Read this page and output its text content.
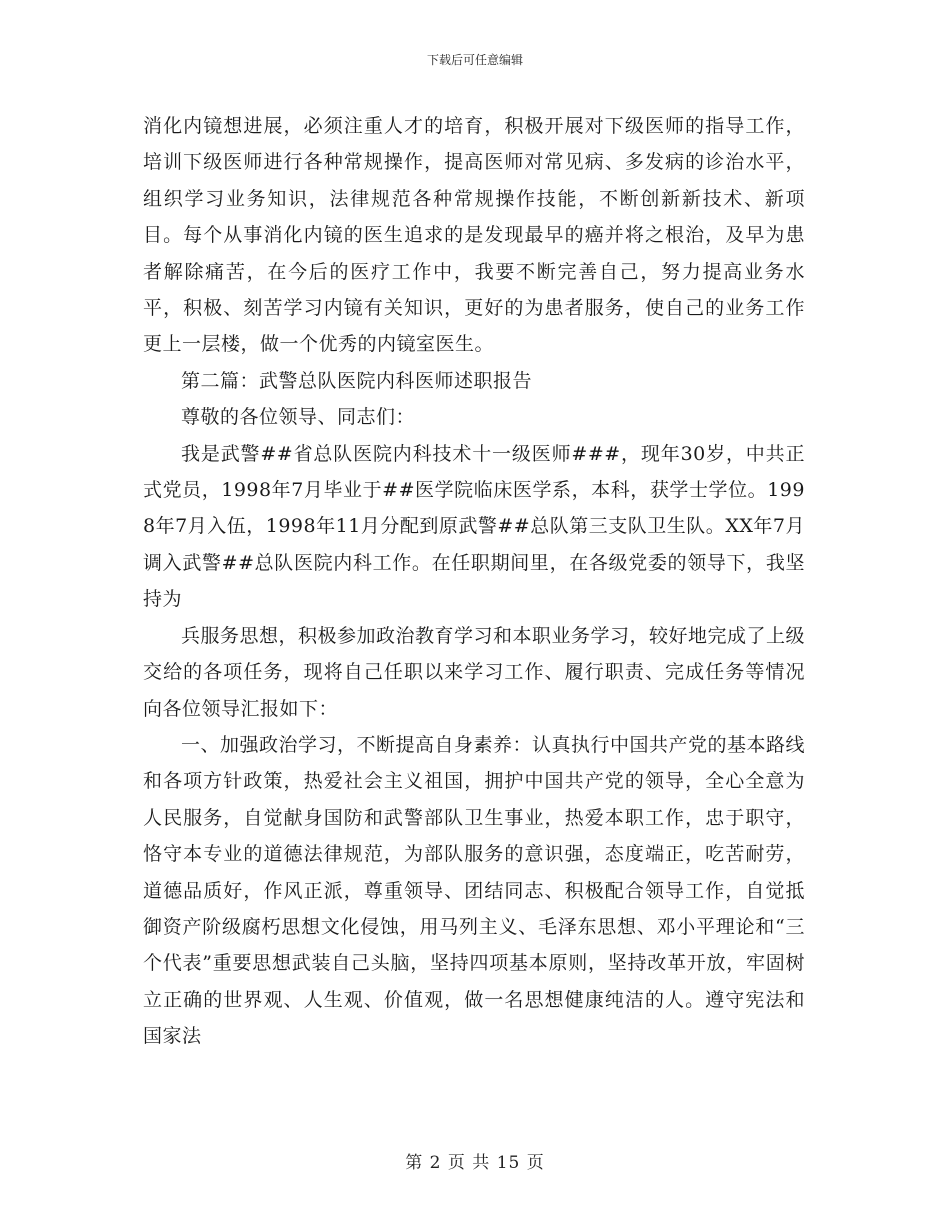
下载后可任意编辑

消化内镜想进展，必须注重人才的培育，积极开展对下级医师的指导工作，培训下级医师进行各种常规操作，提高医师对常见病、多发病的诊治水平，组织学习业务知识，法律规范各种常规操作技能，不断创新新技术、新项目。每个从事消化内镜的医生追求的是发现最早的癌并将之根治，及早为患者解除痛苦，在今后的医疗工作中，我要不断完善自己，努力提高业务水平，积极、刻苦学习内镜有关知识，更好的为患者服务，使自己的业务工作更上一层楼，做一个优秀的内镜室医生。

第二篇：武警总队医院内科医师述职报告

尊敬的各位领导、同志们：

我是武警##省总队医院内科技术十一级医师###，现年30岁，中共正式党员，1998年7月毕业于##医学院临床医学系，本科，获学士学位。1998年7月入伍，1998年11月分配到原武警##总队第三支队卫生队。XX年7月调入武警##总队医院内科工作。在任职期间里，在各级党委的领导下，我坚持为

兵服务思想，积极参加政治教育学习和本职业务学习，较好地完成了上级交给的各项任务，现将自己任职以来学习工作、履行职责、完成任务等情况向各位领导汇报如下：

一、加强政治学习，不断提高自身素养：认真执行中国共产党的基本路线和各项方针政策，热爱社会主义祖国，拥护中国共产党的领导，全心全意为人民服务，自觉献身国防和武警部队卫生事业，热爱本职工作，忠于职守，恪守本专业的道德法律规范，为部队服务的意识强，态度端正，吃苦耐劳，道德品质好，作风正派，尊重领导、团结同志、积极配合领导工作，自觉抵御资产阶级腐朽思想文化侵蚀，用马列主义、毛泽东思想、邓小平理论和“三个代表”重要思想武装自己头脑，坚持四项基本原则，坚持改革开放，牢固树立正确的世界观、人生观、价值观，做一名思想健康纯洁的人。遵守宪法和国家法

第 2 页 共 15 页
